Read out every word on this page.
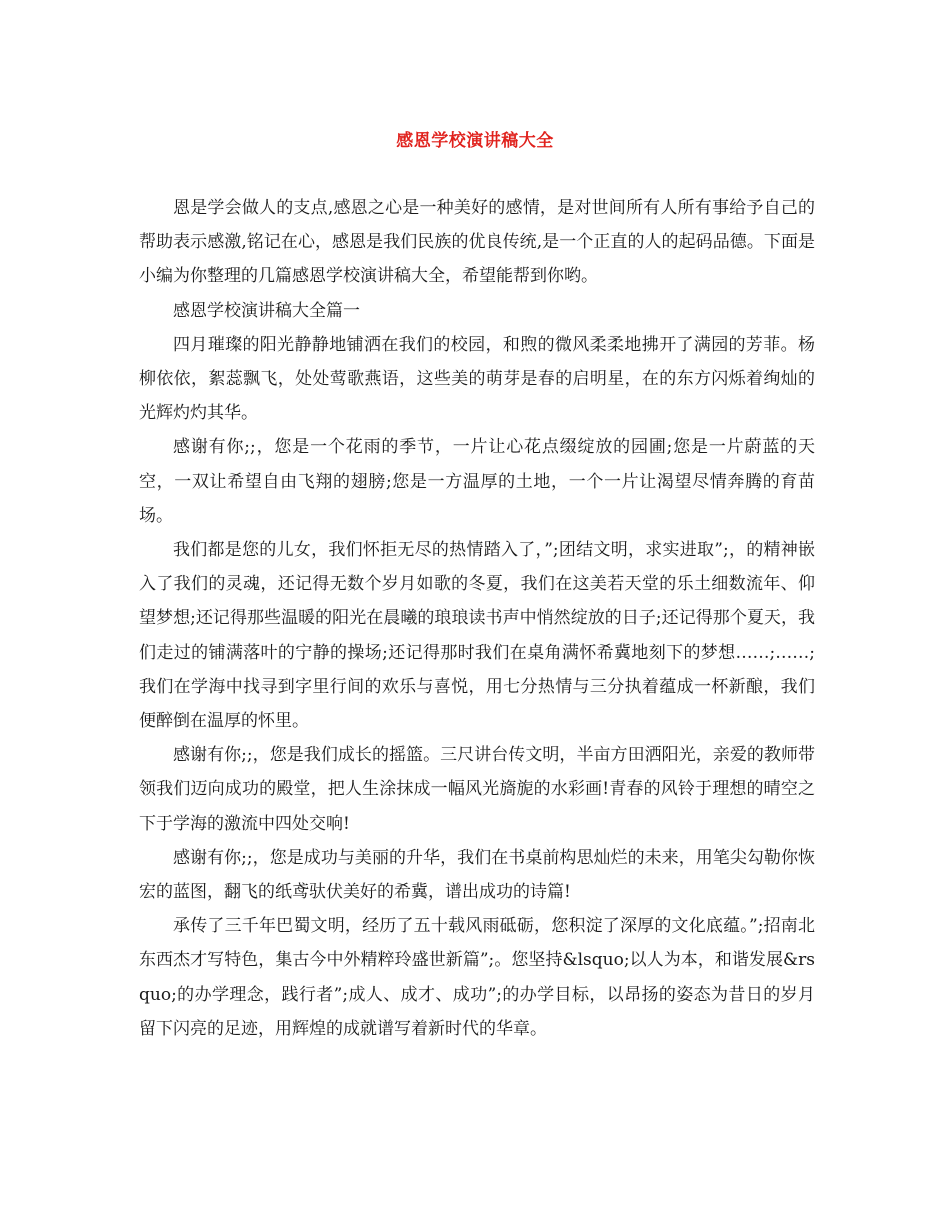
感恩学校演讲稿大全

恩是学会做人的支点,感恩之心是一种美好的感情，是对世间所有人所有事给予自己的帮助表示感激,铭记在心，感恩是我们民族的优良传统,是一个正直的人的起码品德。下面是小编为你整理的几篇感恩学校演讲稿大全，希望能帮到你哟。

感恩学校演讲稿大全篇一

四月璀璨的阳光静静地铺洒在我们的校园，和煦的微风柔柔地拂开了满园的芳菲。杨柳依依，絮蕊飘飞，处处莺歌燕语，这些美的萌芽是春的启明星，在的东方闪烁着绚灿的光辉灼灼其华。

感谢有你;;，您是一个花雨的季节，一片让心花点缀绽放的园圃;您是一片蔚蓝的天空，一双让希望自由飞翔的翅膀;您是一方温厚的土地，一个一片让渴望尽情奔腾的育苗场。

我们都是您的儿女，我们怀拒无尽的热情踏入了，”;团结文明，求实进取”;，的精神嵌入了我们的灵魂，还记得无数个岁月如歌的冬夏，我们在这美若天堂的乐土细数流年、仰望梦想;还记得那些温暖的阳光在晨曦的琅琅读书声中悄然绽放的日子;还记得那个夏天，我们走过的铺满落叶的宁静的操场;还记得那时我们在桌角满怀希冀地刻下的梦想……;……;我们在学海中找寻到字里行间的欢乐与喜悦，用七分热情与三分执着蕴成一杯新酿，我们便醉倒在温厚的怀里。

感谢有你;;，您是我们成长的摇篮。三尺讲台传文明，半亩方田洒阳光，亲爱的教师带领我们迈向成功的殿堂，把人生涂抹成一幅风光旖旎的水彩画!青春的风铃于理想的晴空之下于学海的激流中四处交响!

感谢有你;;，您是成功与美丽的升华，我们在书桌前构思灿烂的未来，用笔尖勾勒你恢宏的蓝图，翻飞的纸鸢驮伏美好的希冀，谱出成功的诗篇!

承传了三千年巴蜀文明，经历了五十载风雨砥砺，您积淀了深厚的文化底蕴。”;招南北东西杰才写特色，集古今中外精粹玲盛世新篇”;。您坚持&lsquo;以人为本，和谐发展&rsquo;的办学理念，践行者”;成人、成才、成功”;的办学目标，以昂扬的姿态为昔日的岁月留下闪亮的足迹，用辉煌的成就谱写着新时代的华章。
